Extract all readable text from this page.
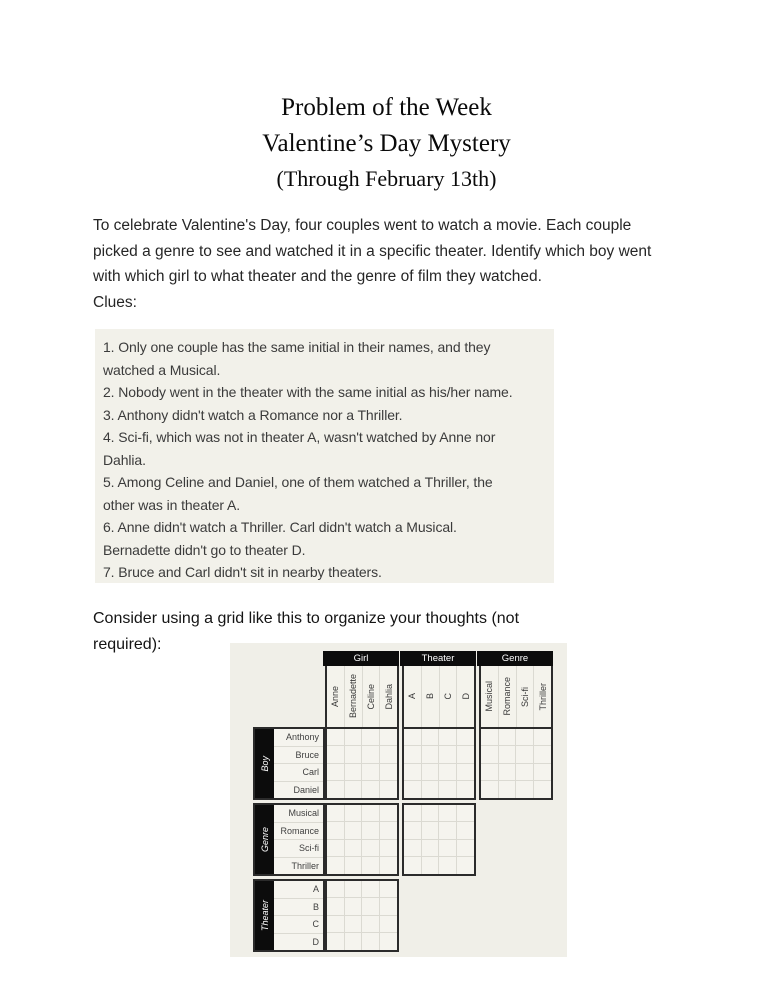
Problem of the Week
Valentine’s Day Mystery
(Through February 13th)
To celebrate Valentine's Day, four couples went to watch a movie. Each couple
picked a genre to see and watched it in a specific theater. Identify which boy went
with which girl to what theater and the genre of film they watched.
Clues:
1. Only one couple has the same initial in their names, and they
watched a Musical.
2. Nobody went in the theater with the same initial as his/her name.
3. Anthony didn't watch a Romance nor a Thriller.
4. Sci-fi, which was not in theater A, wasn't watched by Anne nor
Dahlia.
5. Among Celine and Daniel, one of them watched a Thriller, the
other was in theater A.
6. Anne didn't watch a Thriller. Carl didn't watch a Musical.
Bernadette didn't go to theater D.
7. Bruce and Carl didn't sit in nearby theaters.
Consider using a grid like this to organize your thoughts (not
required):
Girl	Theater	Genre
Anne Bernadette Celine Dahlia A B C D Musical Romance Sci-fi Thriller
Boy
Anthony
Bruce
Carl
Daniel
Genre
Musical
Romance
Sci-fi
Thriller
Theater
A
B
C
D
